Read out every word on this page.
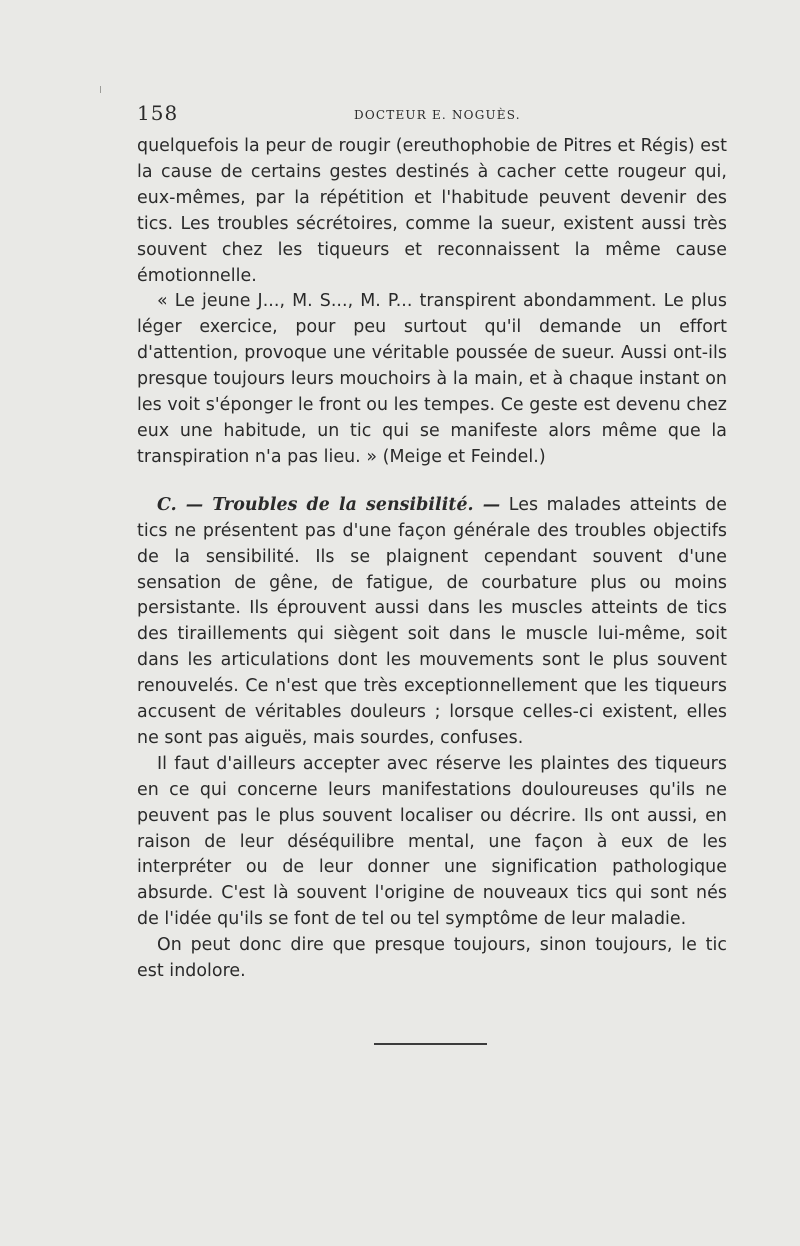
158	DOCTEUR E. NOGUÈS.

quelquefois la peur de rougir (ereuthophobie de Pitres et Régis) est la cause de certains gestes destinés à cacher cette rougeur qui, eux-mêmes, par la répétition et l'habitude peuvent devenir des tics. Les troubles sécrétoires, comme la sueur, existent aussi très souvent chez les tiqueurs et reconnaissent la même cause émotionnelle.

« Le jeune J..., M. S..., M. P... transpirent abondamment. Le plus léger exercice, pour peu surtout qu'il demande un effort d'attention, provoque une véritable poussée de sueur. Aussi ont-ils presque toujours leurs mouchoirs à la main, et à chaque instant on les voit s'éponger le front ou les tempes. Ce geste est devenu chez eux une habitude, un tic qui se manifeste alors même que la transpiration n'a pas lieu. » (Meige et Feindel.)

C. — Troubles de la sensibilité. — Les malades atteints de tics ne présentent pas d'une façon générale des troubles objectifs de la sensibilité. Ils se plaignent cependant souvent d'une sensation de gêne, de fatigue, de courbature plus ou moins persistante. Ils éprouvent aussi dans les muscles atteints de tics des tiraillements qui siègent soit dans le muscle lui-même, soit dans les articulations dont les mouvements sont le plus souvent renouvelés. Ce n'est que très exceptionnellement que les tiqueurs accusent de véritables douleurs ; lorsque celles-ci existent, elles ne sont pas aiguës, mais sourdes, confuses.

Il faut d'ailleurs accepter avec réserve les plaintes des tiqueurs en ce qui concerne leurs manifestations douloureuses qu'ils ne peuvent pas le plus souvent localiser ou décrire. Ils ont aussi, en raison de leur déséquilibre mental, une façon à eux de les interpréter ou de leur donner une signification pathologique absurde. C'est là souvent l'origine de nouveaux tics qui sont nés de l'idée qu'ils se font de tel ou tel symptôme de leur maladie.

On peut donc dire que presque toujours, sinon toujours, le tic est indolore.
